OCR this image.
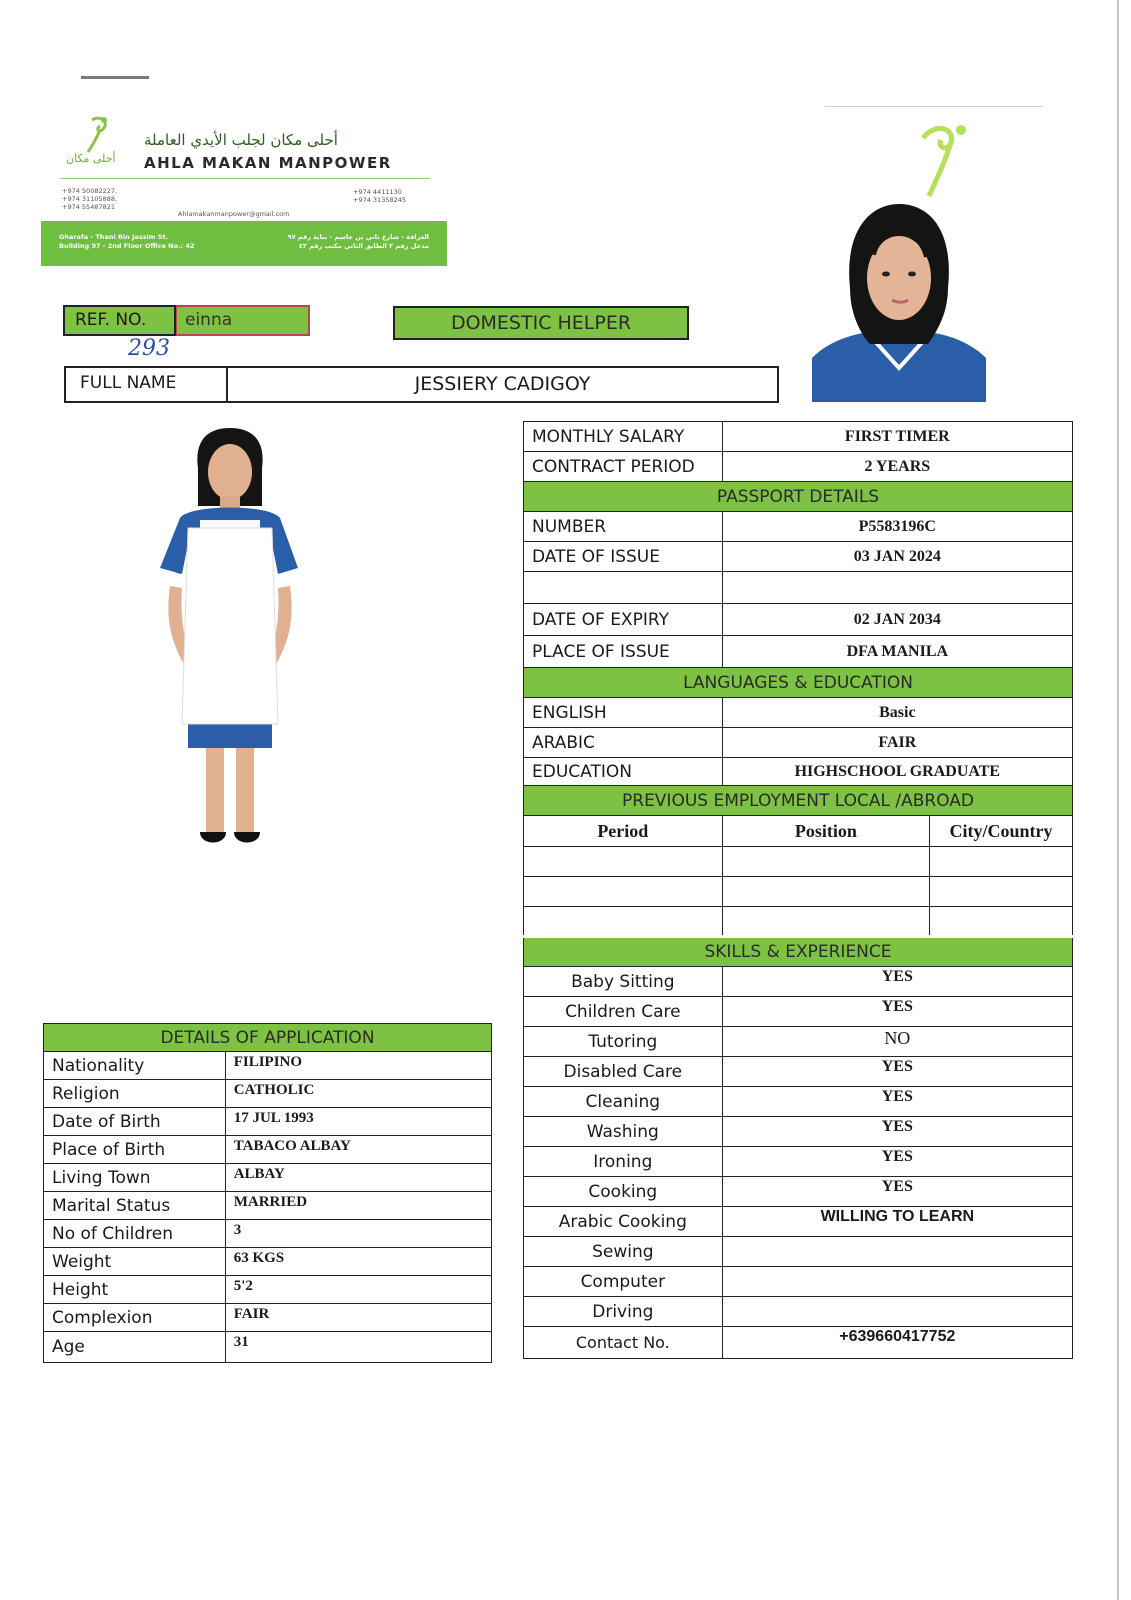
أحلى مكان
أحلى مكان لجلب الأيدي العاملة
AHLA MAKAN MANPOWER
+974 50082227,
+974 31105888,
+974 55487821
+974 4411130
+974 31358245
Ahlamakanmanpower@gmail.com
Gharafa - Thani Bin Jassim St.
Building 97 - 2nd Floor Office No.: 42
الغرافة - شارع ثاني بن جاسم - بناية رقم ٩٧
مدخل رقم ٢ الطابق الثاني مكتب رقم ٤٢
REF. NO.	einna
293
DOMESTIC HELPER
FULL NAME	JESSIERY CADIGOY
MONTHLY SALARY	FIRST TIMER	
CONTRACT PERIOD	2 YEARS	
PASSPORT DETAILS		
NUMBER	P5583196C	
DATE OF ISSUE	03 JAN 2024	

DATE OF EXPIRY	02 JAN 2034	
PLACE OF ISSUE	DFA MANILA	
LANGUAGES & EDUCATION		
ENGLISH	Basic	
ARABIC	FAIR	
EDUCATION	HIGHSCHOOL GRADUATE	
PREVIOUS EMPLOYMENT LOCAL /ABROAD		
Period	Position	City/Country

SKILLS & EXPERIENCE		
Baby Sitting	YES	
Children Care	YES	
Tutoring	NO	
Disabled Care	YES	
Cleaning	YES	
Washing	YES	
Ironing	YES	
Cooking	YES	
Arabic Cooking	WILLING TO LEARN	
Sewing		
Computer		
Driving		
Contact No.	+639660417752	
DETAILS OF APPLICATION	
Nationality	FILIPINO
Religion	CATHOLIC
Date of Birth	17 JUL 1993
Place of Birth	TABACO ALBAY
Living Town	ALBAY
Marital Status	MARRIED
No of Children	3
Weight	63 KGS
Height	5'2
Complexion	FAIR
Age	31
